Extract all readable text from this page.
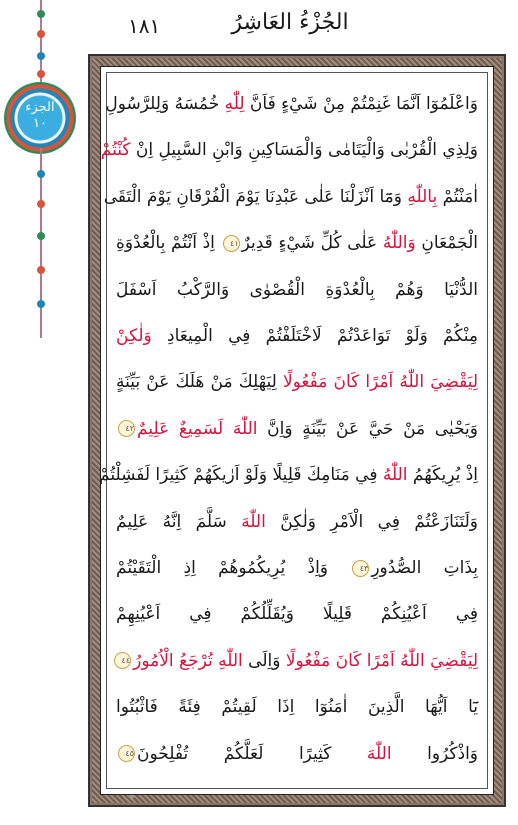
الجُزْءُ العَاشِرُ
١٨١
الجزء
١٠
وَاعْلَمُوٓا اَنَّمَا غَنِمْتُمْ مِنْ شَيْءٍ فَاَنَّ لِلّٰهِ خُمُسَهُ وَلِلرَّسُولِ
وَلِذِي الْقُرْبٰى وَالْيَتَامٰى وَالْمَسَاكِينِ وَابْنِ السَّبِيلِ اِنْ كُنْتُمْ
اٰمَنْتُمْ بِاللّٰهِ وَمَٓا اَنْزَلْنَا عَلٰى عَبْدِنَا يَوْمَ الْفُرْقَانِ يَوْمَ الْتَقَى
الْجَمْعَانِ وَاللّٰهُ عَلٰى كُلِّ شَيْءٍ قَدِيرٌ٤١ اِذْ اَنْتُمْ بِالْعُدْوَةِ
الدُّنْيَا وَهُمْ بِالْعُدْوَةِ الْقُصْوٰى وَالرَّكْبُ اَسْفَلَ
مِنْكُمْ وَلَوْ تَوَاعَدْتُمْ لَاخْتَلَفْتُمْ فِي الْمِيعَادِ وَلٰكِنْ
لِيَقْضِيَ اللّٰهُ اَمْرًا كَانَ مَفْعُولًا لِيَهْلِكَ مَنْ هَلَكَ عَنْ بَيِّنَةٍ
وَيَحْيٰى مَنْ حَيَّ عَنْ بَيِّنَةٍ وَاِنَّ اللّٰهَ لَسَمِيعٌ عَلِيمٌ٤٢
اِذْ يُرِيكَهُمُ اللّٰهُ فِي مَنَامِكَ قَلِيلًا وَلَوْ اَرٰيكَهُمْ كَثِيرًا لَفَشِلْتُمْ
وَلَتَنَازَعْتُمْ فِي الْاَمْرِ وَلٰكِنَّ اللّٰهَ سَلَّمَ اِنَّهُ عَلِيمٌ
بِذَاتِ الصُّدُورِ٤٣ وَاِذْ يُرِيكُمُوهُمْ اِذِ الْتَقَيْتُمْ
فِي اَعْيُنِكُمْ قَلِيلًا وَيُقَلِّلُكُمْ فِي اَعْيُنِهِمْ
لِيَقْضِيَ اللّٰهُ اَمْرًا كَانَ مَفْعُولًا وَاِلَى اللّٰهِ تُرْجَعُ الْاُمُورُ٤٤
يَٓا اَيُّهَا الَّذِينَ اٰمَنُوٓا اِذَا لَقِيتُمْ فِئَةً فَاثْبُتُوا
وَاذْكُرُوا اللّٰهَ كَثِيرًا لَعَلَّكُمْ تُفْلِحُونَ٤٥
